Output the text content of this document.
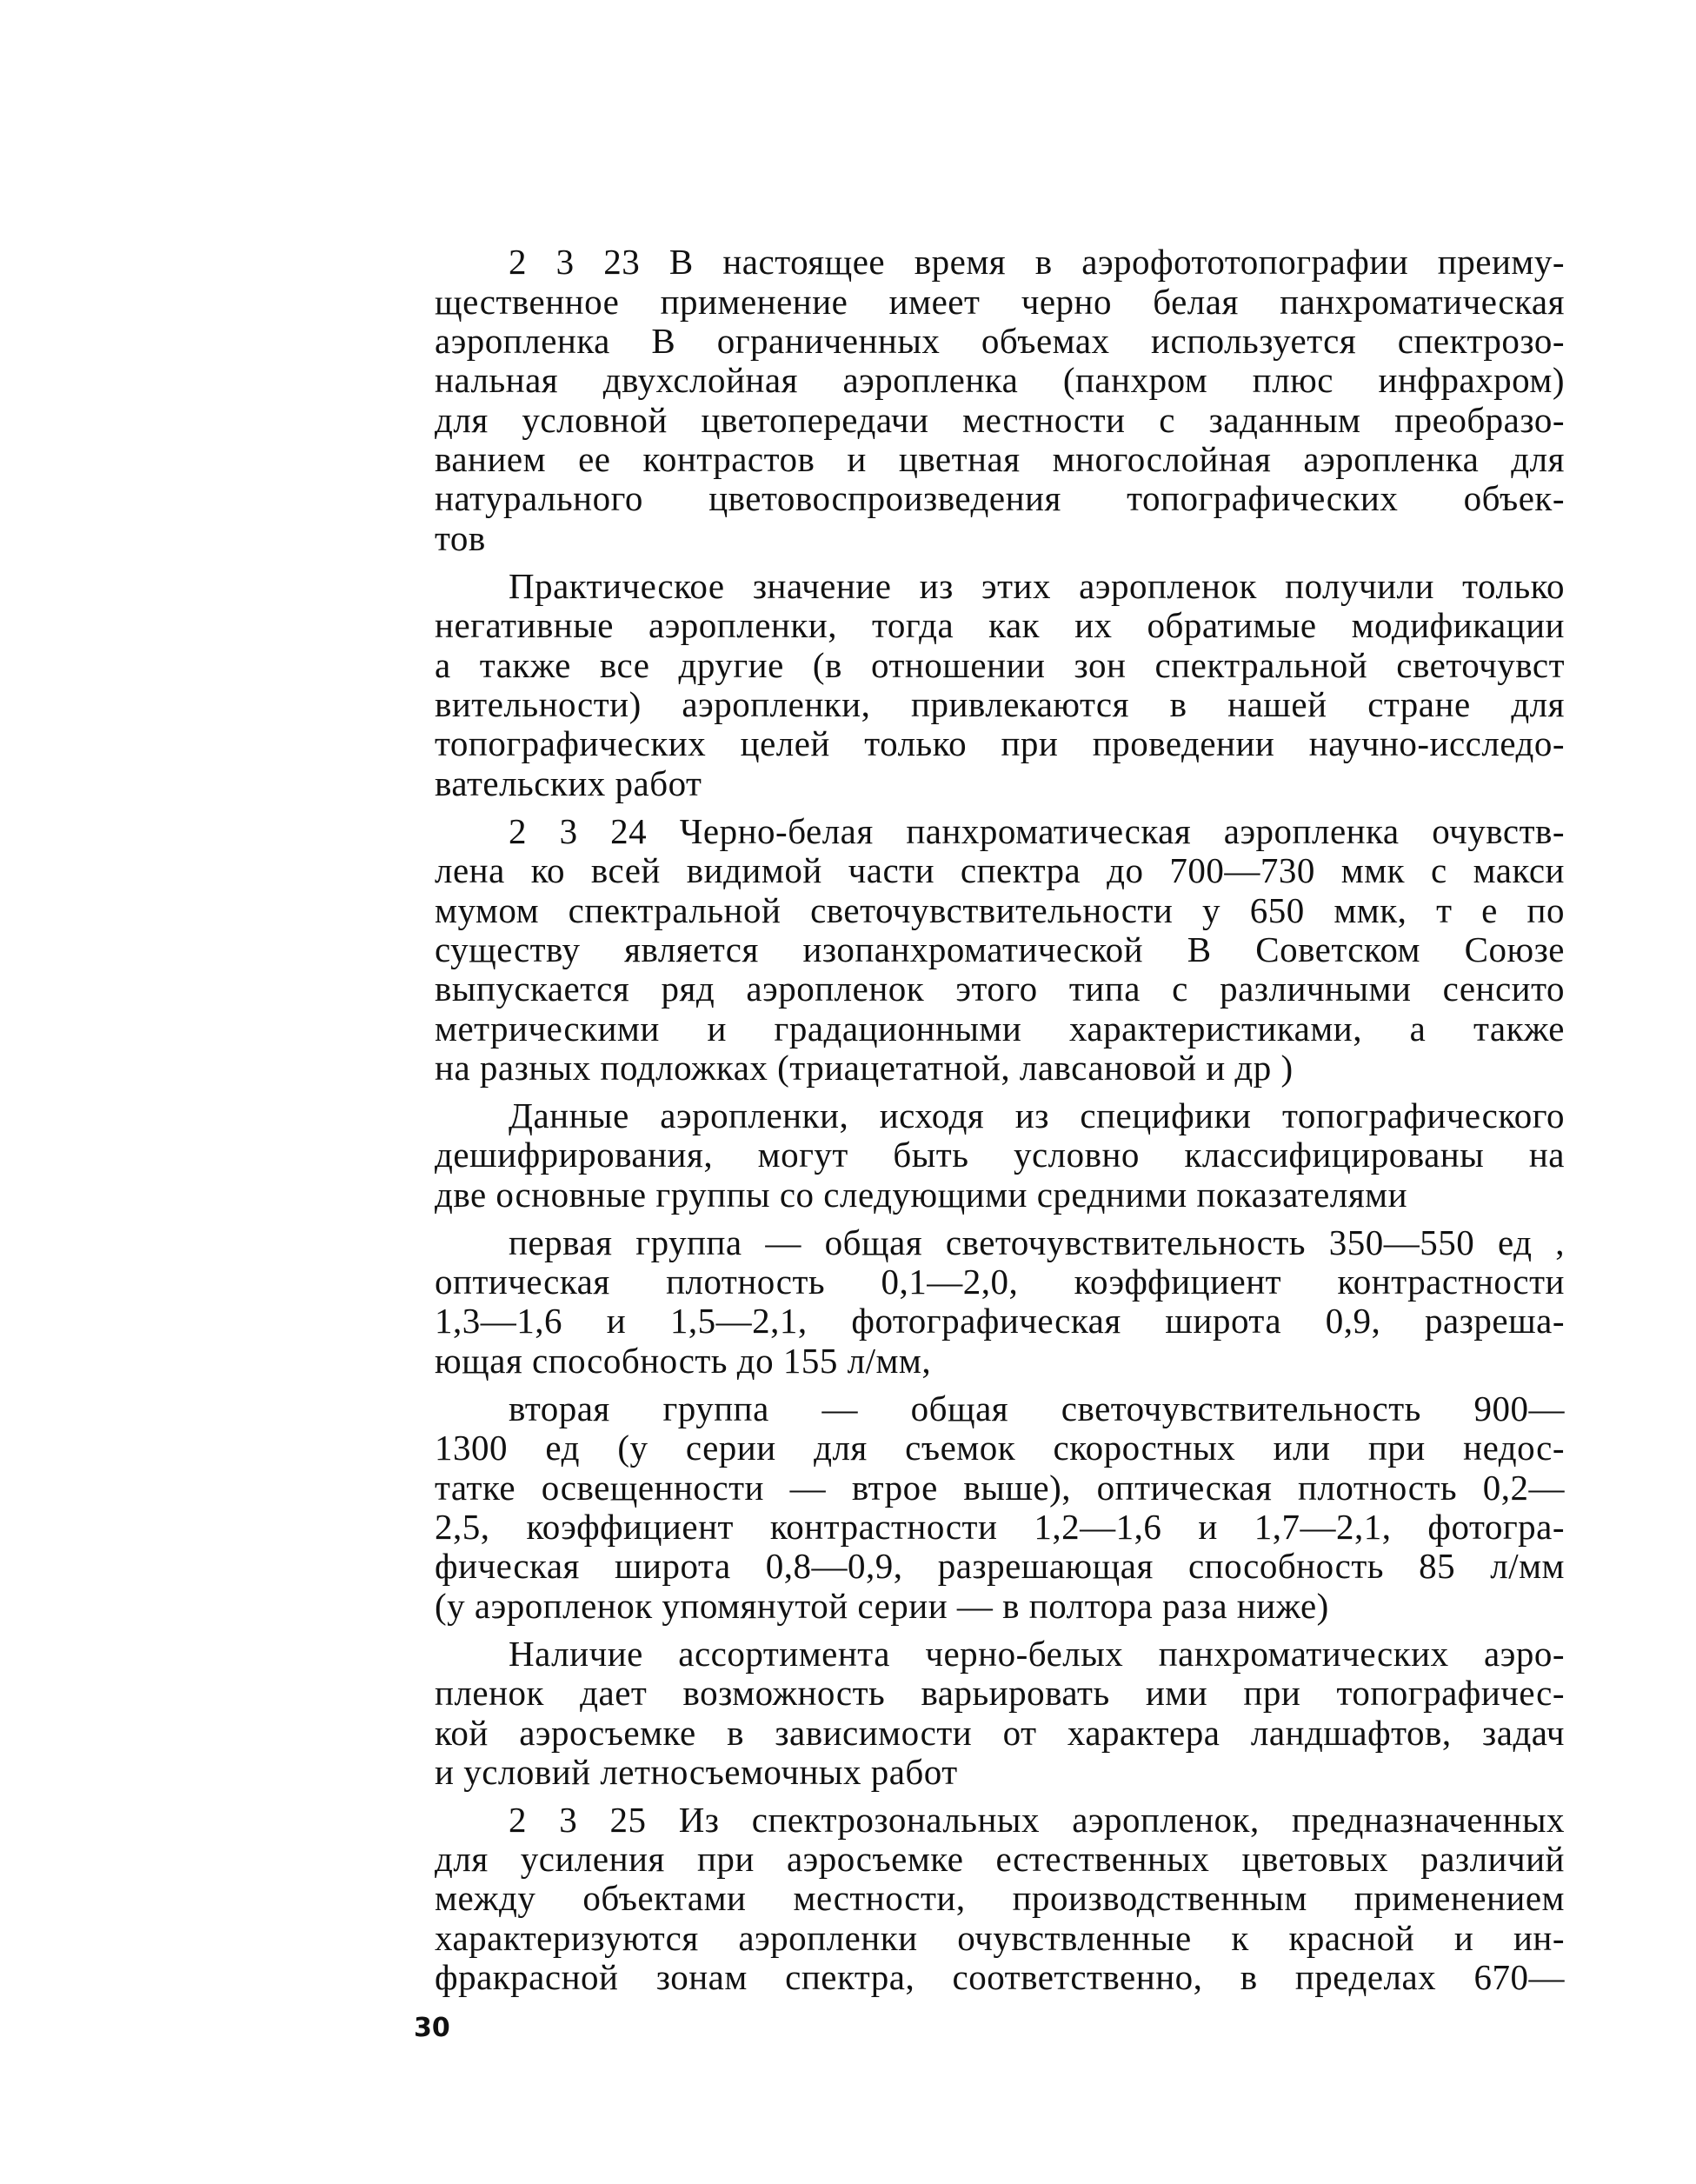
2 3 23 В настоящее время в аэрофототопографии преиму-
щественное применение имеет черно белая панхроматическая
аэропленка В ограниченных объемах используется спектрозо-
нальная двухслойная аэропленка (панхром плюс инфрахром)
для условной цветопередачи местности с заданным преобразо-
ванием ее контрастов и цветная многослойная аэропленка для
натурального цветовоспроизведения топографических объек-
тов
Практическое значение из этих аэропленок получили только
негативные аэропленки, тогда как их обратимые модификации
а также все другие (в отношении зон спектральной светочувст
вительности) аэропленки, привлекаются в нашей стране для
топографических целей только при проведении научно-исследо-
вательских работ
2 3 24 Черно-белая панхроматическая аэропленка очувств-
лена ко всей видимой части спектра до 700—730 ммк с макси
мумом спектральной светочувствительности у 650 ммк, т е по
существу является изопанхроматической В Советском Союзе
выпускается ряд аэропленок этого типа с различными сенсито
метрическими и градационными характеристиками, а также
на разных подложках (триацетатной, лавсановой и др )
Данные аэропленки, исходя из специфики топографического
дешифрирования, могут быть условно классифицированы на
две основные группы со следующими средними показателями
первая группа — общая светочувствительность 350—550 ед ,
оптическая плотность 0,1—2,0, коэффициент контрастности
1,3—1,6 и 1,5—2,1, фотографическая широта 0,9, разреша-
ющая способность до 155 л/мм,
вторая группа — общая светочувствительность 900—
1300 ед (у серии для съемок скоростных или при недос-
татке освещенности — втрое выше), оптическая плотность 0,2—
2,5, коэффициент контрастности 1,2—1,6 и 1,7—2,1, фотогра-
фическая широта 0,8—0,9, разрешающая способность 85 л/мм
(у аэропленок упомянутой серии — в полтора раза ниже)
Наличие ассортимента черно-белых панхроматических аэро-
пленок дает возможность варьировать ими при топографичес-
кой аэросъемке в зависимости от характера ландшафтов, задач
и условий летносъемочных работ
2 3 25 Из спектрозональных аэропленок, предназначенных
для усиления при аэросъемке естественных цветовых различий
между объектами местности, производственным применением
характеризуются аэропленки очувствленные к красной и ин-
фракрасной зонам спектра, соответственно, в пределах 670—
30
